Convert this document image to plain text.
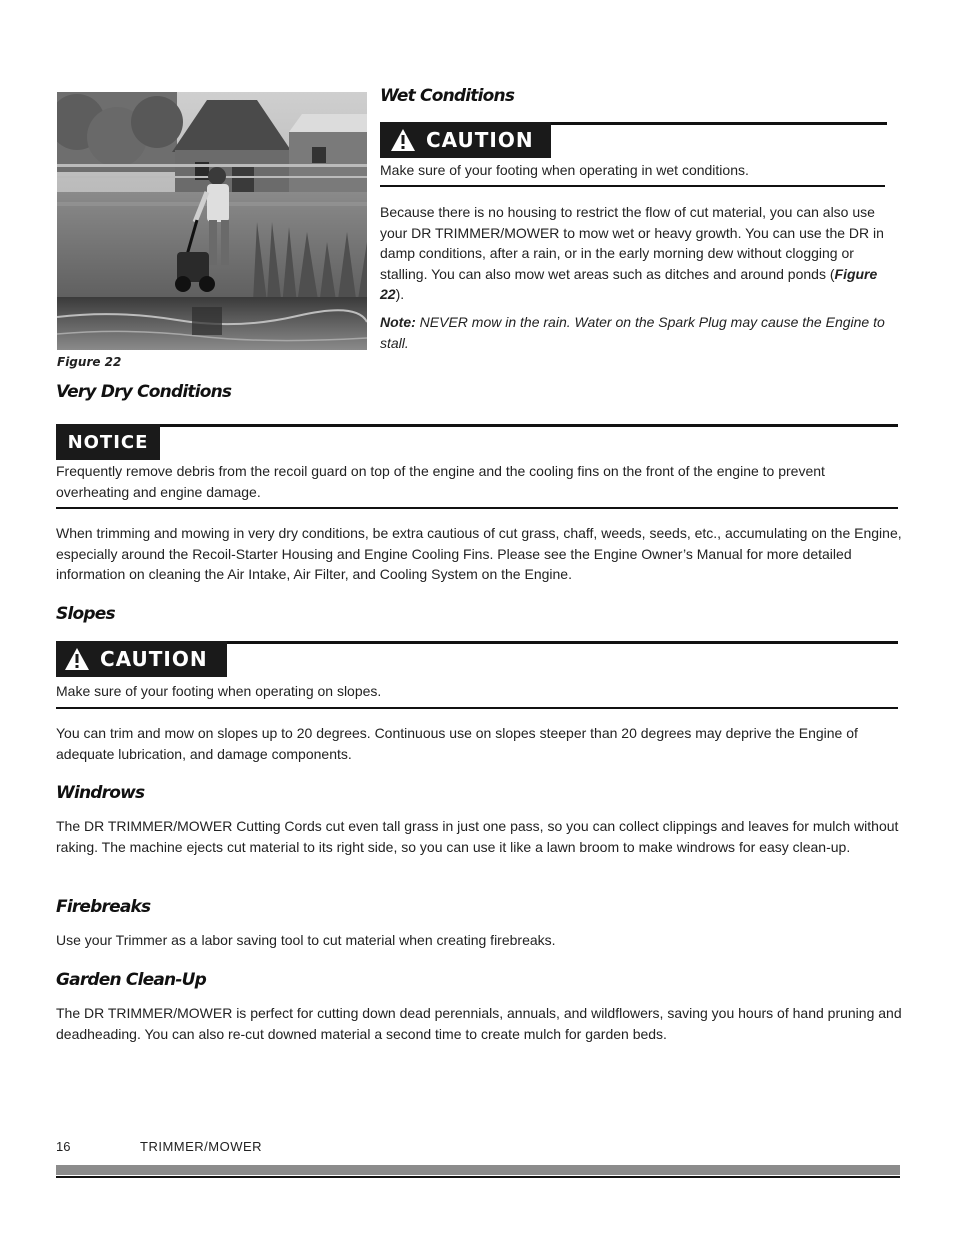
Figure 22
Wet Conditions
CAUTION
Make sure of your footing when operating in wet conditions.
Because there is no housing to restrict the flow of cut material, you can also use your DR TRIMMER/MOWER to mow wet or heavy growth. You can use the DR in damp conditions, after a rain, or in the early morning dew without clogging or stalling. You can also mow wet areas such as ditches and around ponds (Figure 22).
Note: NEVER mow in the rain. Water on the Spark Plug may cause the Engine to stall.
Very Dry Conditions
NOTICE
Frequently remove debris from the recoil guard on top of the engine and the cooling fins on the front of the engine to prevent overheating and engine damage.
When trimming and mowing in very dry conditions, be extra cautious of cut grass, chaff, weeds, seeds, etc., accumulating on the Engine, especially around the Recoil-Starter Housing and Engine Cooling Fins. Please see the Engine Owner’s Manual for more detailed information on cleaning the Air Intake, Air Filter, and Cooling System on the Engine.
Slopes
CAUTION
Make sure of your footing when operating on slopes.
You can trim and mow on slopes up to 20 degrees. Continuous use on slopes steeper than 20 degrees may deprive the Engine of adequate lubrication, and damage components.
Windrows
The DR TRIMMER/MOWER Cutting Cords cut even tall grass in just one pass, so you can collect clippings and leaves for mulch without raking. The machine ejects cut material to its right side, so you can use it like a lawn broom to make windrows for easy clean-up.
Firebreaks
Use your Trimmer as a labor saving tool to cut material when creating firebreaks.
Garden Clean-Up
The DR TRIMMER/MOWER is perfect for cutting down dead perennials, annuals, and wildflowers, saving you hours of hand pruning and deadheading. You can also re-cut downed material a second time to create mulch for garden beds.
16	TRIMMER/MOWER
